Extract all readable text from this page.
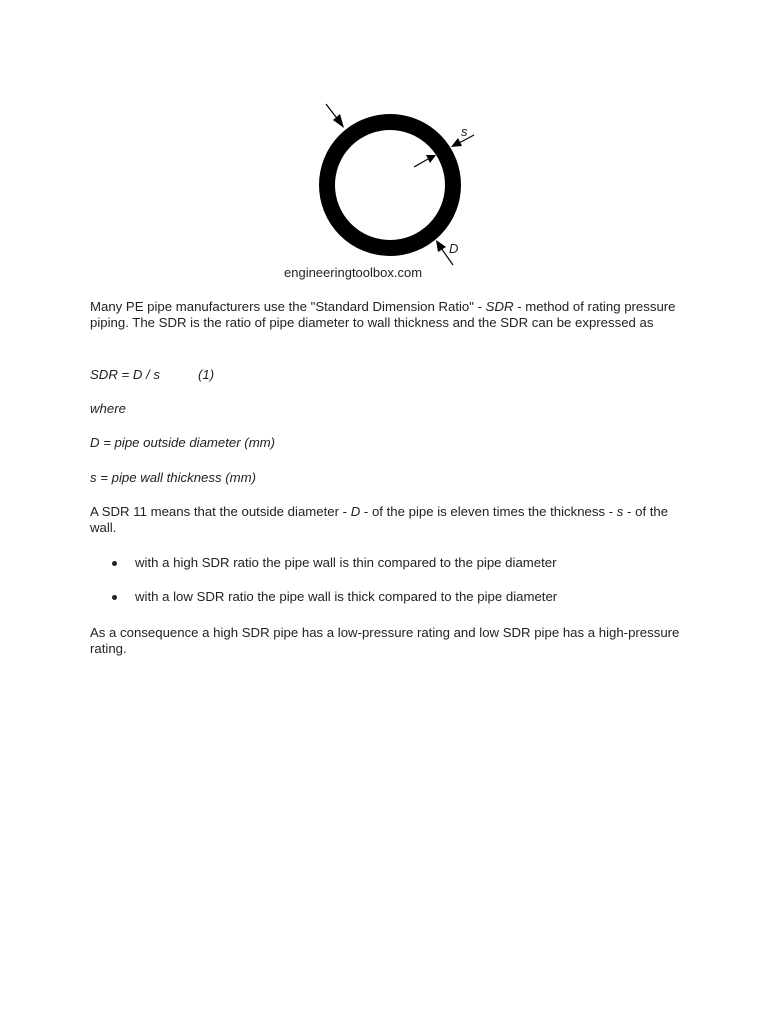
s
D
engineeringtoolbox.com

Many PE pipe manufacturers use the "Standard Dimension Ratio" - SDR - method of rating pressure piping. The SDR is the ratio of pipe diameter to wall thickness and the SDR can be expressed as

SDR = D / s	(1)

where

D = pipe outside diameter (mm)

s = pipe wall thickness (mm)

A SDR 11 means that the outside diameter - D - of the pipe is eleven times the thickness - s - of the wall.

with a high SDR ratio the pipe wall is thin compared to the pipe diameter
with a low SDR ratio the pipe wall is thick compared to the pipe diameter

As a consequence a high SDR pipe has a low-pressure rating and low SDR pipe has a high-pressure rating.
